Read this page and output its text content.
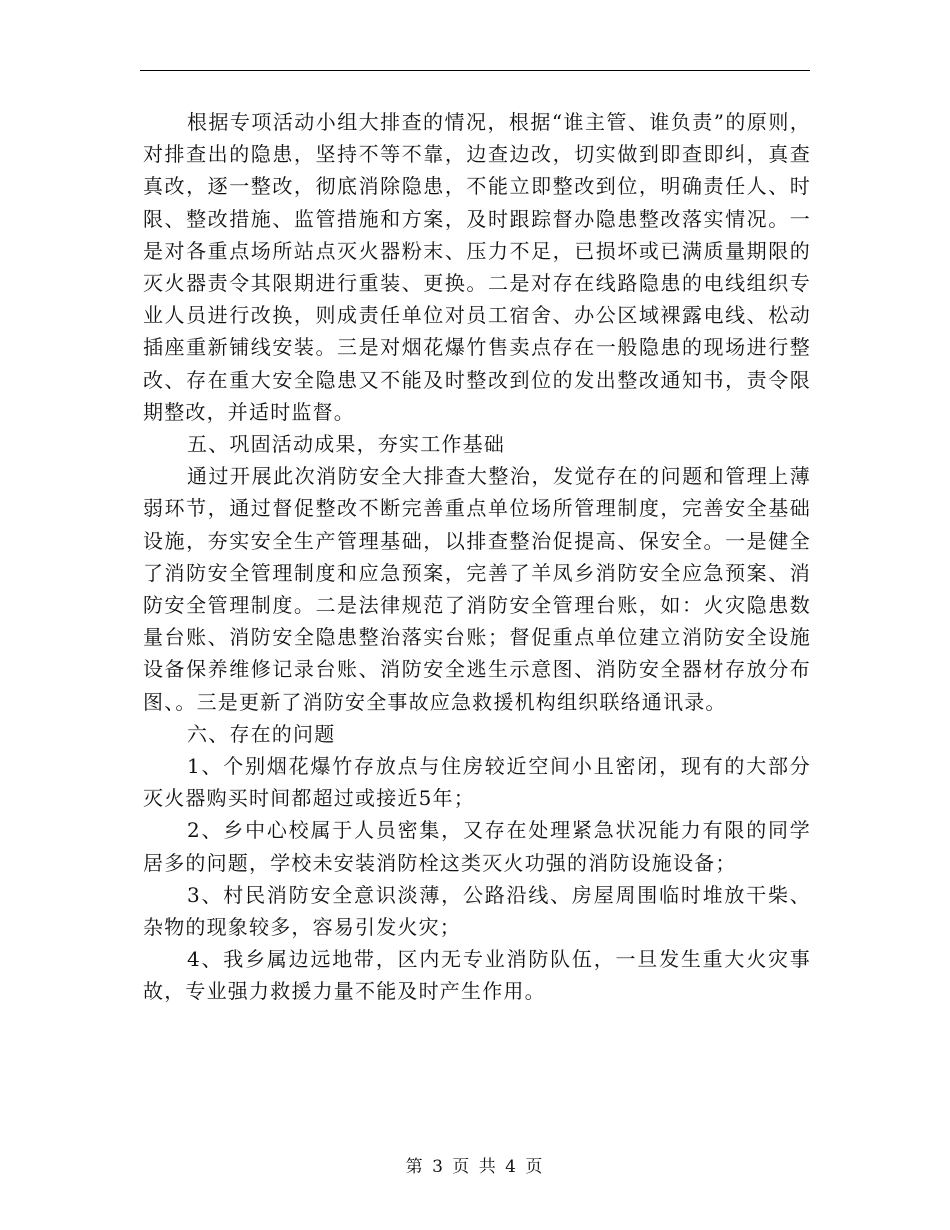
根据专项活动小组大排查的情况，根据“谁主管、谁负责”的原则，对排查出的隐患，坚持不等不靠，边查边改，切实做到即查即纠，真查真改，逐一整改，彻底消除隐患，不能立即整改到位，明确责任人、时限、整改措施、监管措施和方案，及时跟踪督办隐患整改落实情况。一是对各重点场所站点灭火器粉末、压力不足，已损坏或已满质量期限的灭火器责令其限期进行重装、更换。二是对存在线路隐患的电线组织专业人员进行改换，则成责任单位对员工宿舍、办公区域裸露电线、松动插座重新铺线安装。三是对烟花爆竹售卖点存在一般隐患的现场进行整改、存在重大安全隐患又不能及时整改到位的发出整改通知书，责令限期整改，并适时监督。

五、巩固活动成果，夯实工作基础

通过开展此次消防安全大排查大整治，发觉存在的问题和管理上薄弱环节，通过督促整改不断完善重点单位场所管理制度，完善安全基础设施，夯实安全生产管理基础，以排查整治促提高、保安全。一是健全了消防安全管理制度和应急预案，完善了羊凤乡消防安全应急预案、消防安全管理制度。二是法律规范了消防安全管理台账，如：火灾隐患数量台账、消防安全隐患整治落实台账；督促重点单位建立消防安全设施设备保养维修记录台账、消防安全逃生示意图、消防安全器材存放分布图、。三是更新了消防安全事故应急救援机构组织联络通讯录。

六、存在的问题

1、个别烟花爆竹存放点与住房较近空间小且密闭，现有的大部分灭火器购买时间都超过或接近5年；

2、乡中心校属于人员密集，又存在处理紧急状况能力有限的同学居多的问题，学校未安装消防栓这类灭火功强的消防设施设备；

3、村民消防安全意识淡薄，公路沿线、房屋周围临时堆放干柴、杂物的现象较多，容易引发火灾；

4、我乡属边远地带，区内无专业消防队伍，一旦发生重大火灾事故，专业强力救援力量不能及时产生作用。

第 3 页 共 4 页
